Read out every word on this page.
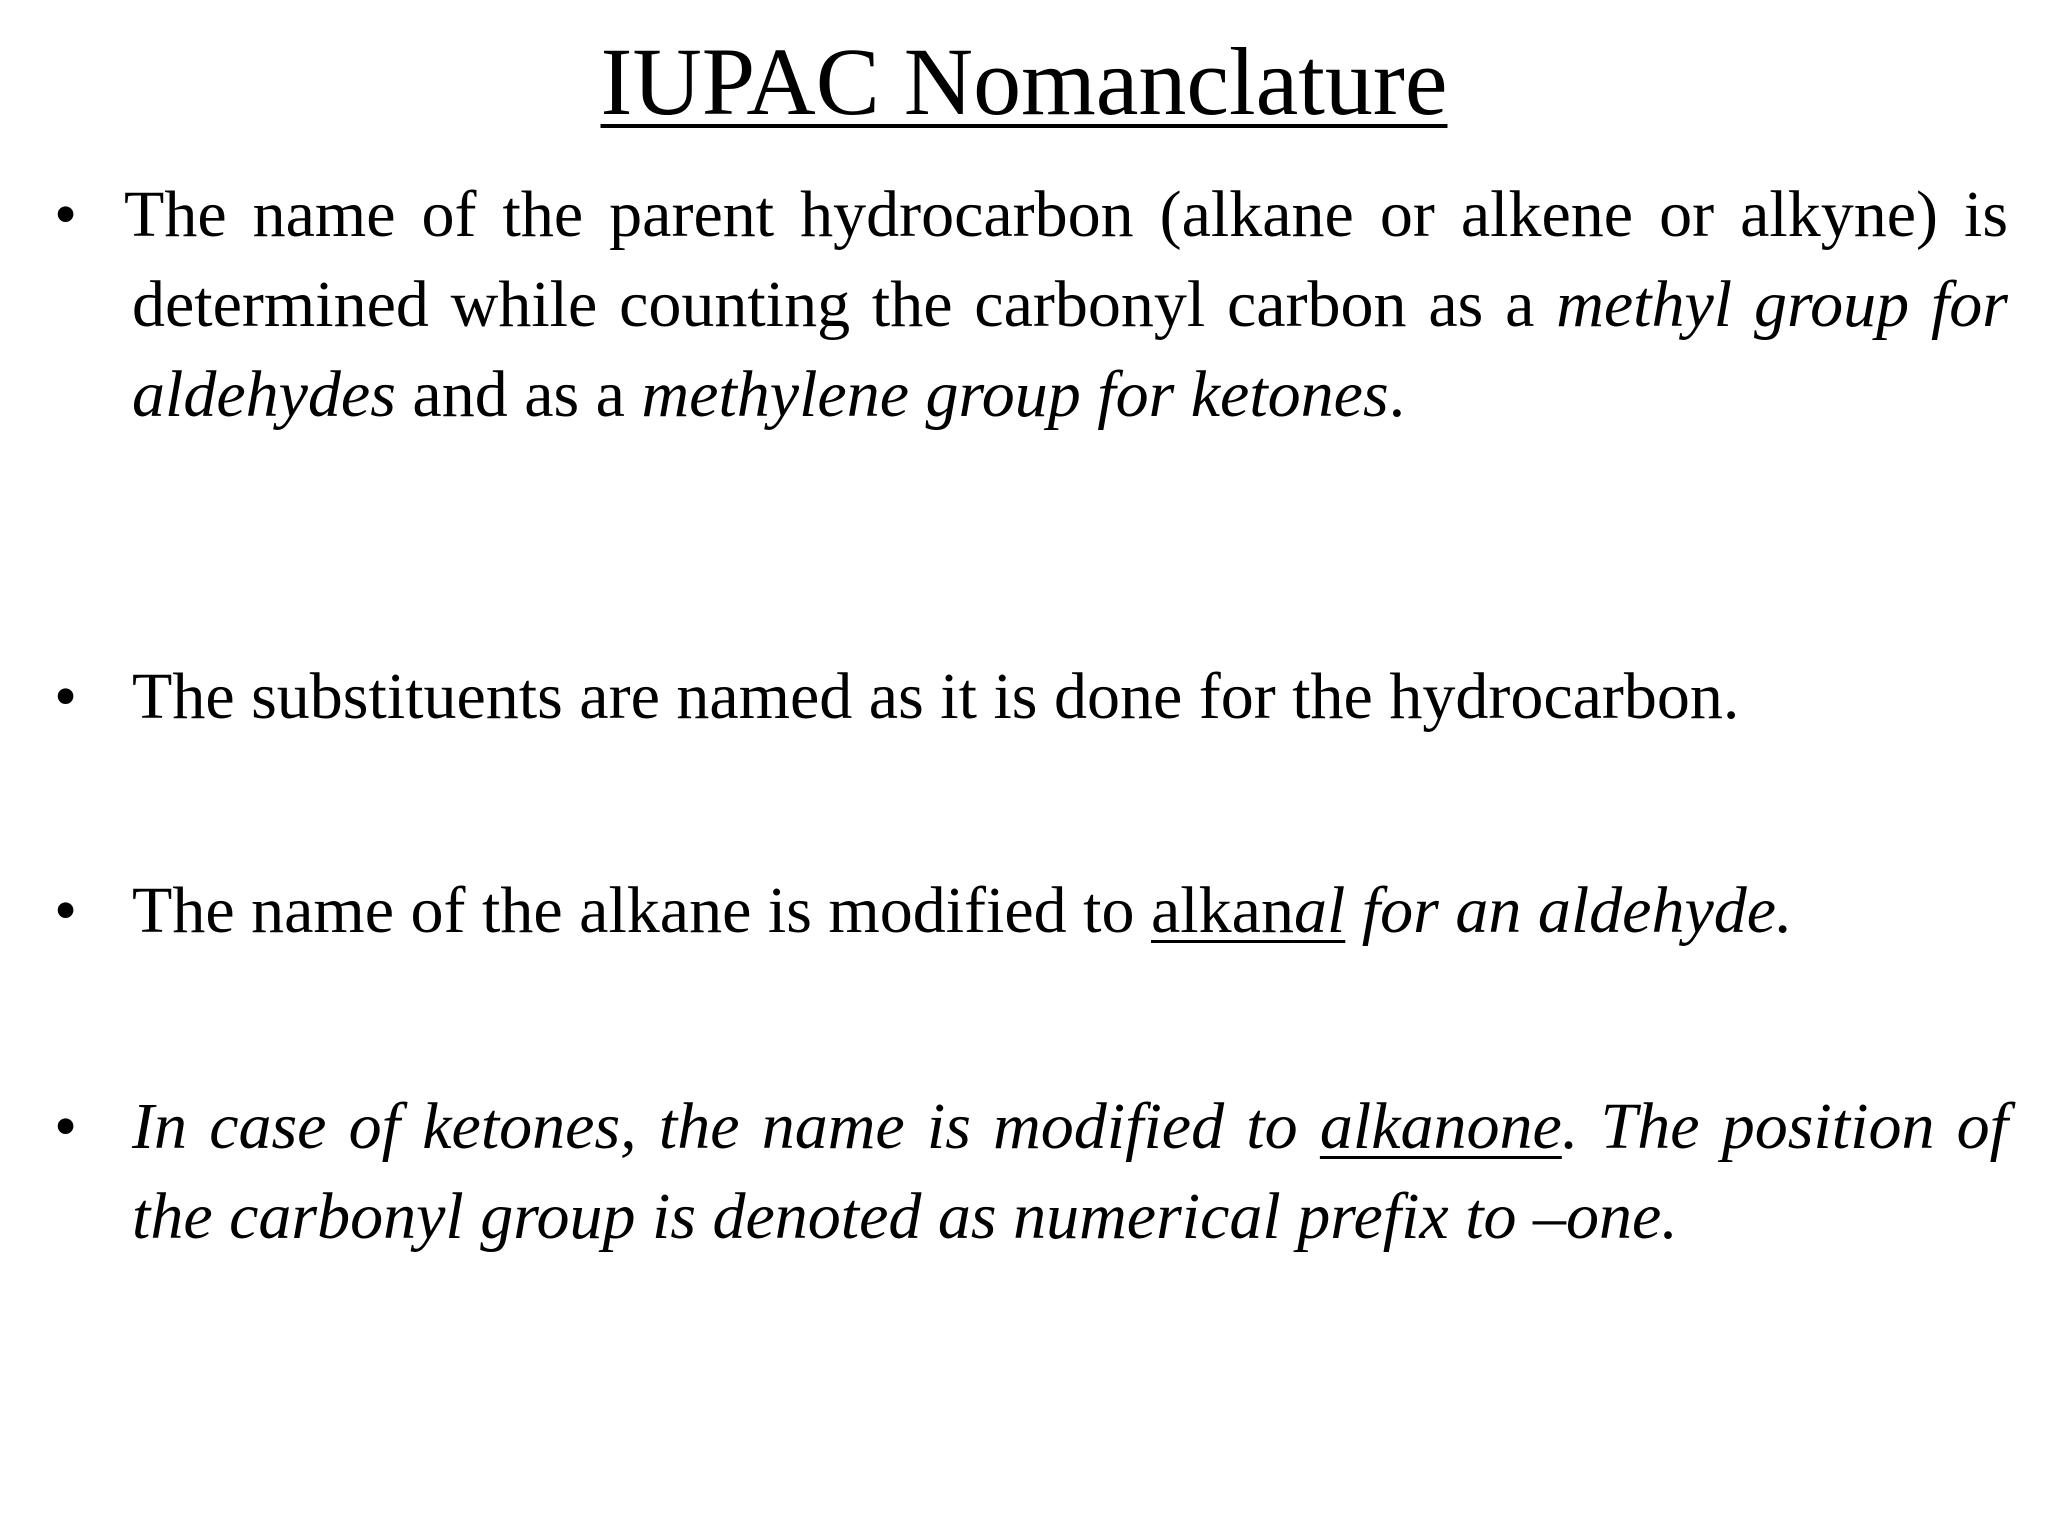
IUPAC Nomanclature
• The name of the parent hydrocarbon (alkane or alkene or alkyne) is determined while counting the carbonyl carbon as a methyl group for aldehydes and as a methylene group for ketones.
• The substituents are named as it is done for the hydrocarbon.
• The name of the alkane is modified to alkanal for an aldehyde.
• In case of ketones, the name is modified to alkanone. The position of the carbonyl group is denoted as numerical prefix to –one.
